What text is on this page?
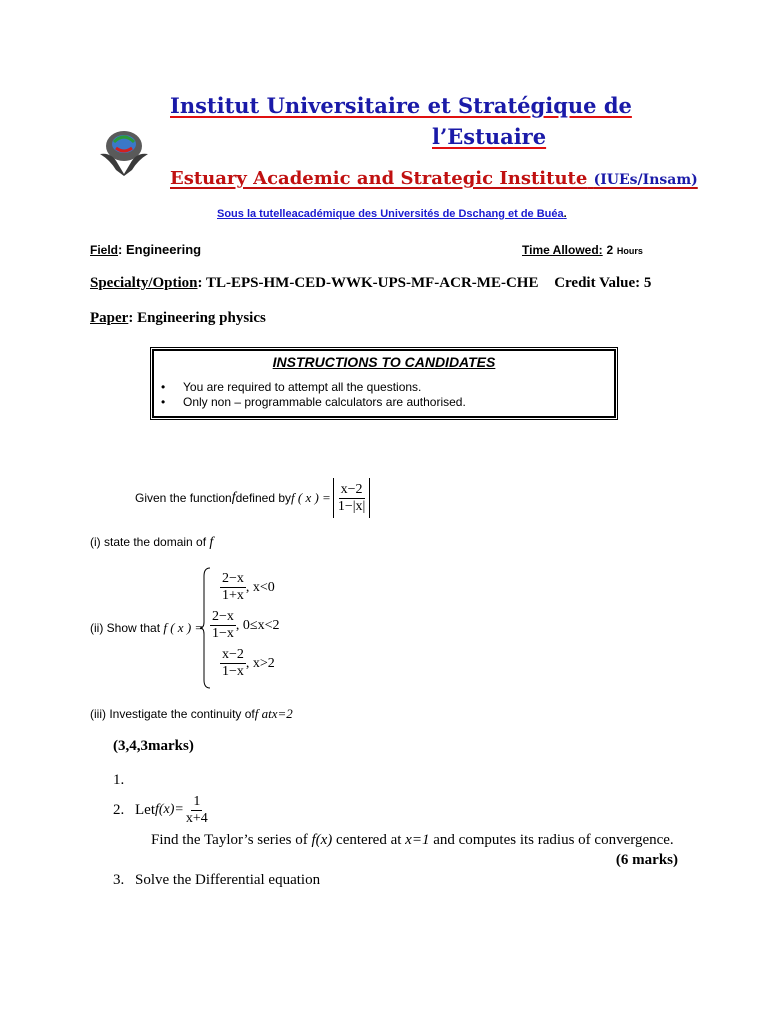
Institut Universitaire et Stratégique de
l’Estuaire
Estuary Academic and Strategic Institute (IUEs/Insam)
Sous la tutelleacadémique des Universités de Dschang et de Buéa.
Field: Engineering	Time Allowed: 2 Hours
Specialty/Option: TL-EPS-HM-CED-WWK-UPS-MF-ACR-ME-CHE Credit Value: 5
Paper: Engineering physics
INSTRUCTIONS TO CANDIDATES
• You are required to attempt all the questions.
• Only non – programmable calculators are authorised.
Given the function f defined by f ( x ) = $\frac{x-2}{1-|x|}$
(i) state the domain of f
(ii) Show that f ( x ) =
$\frac{2-x}{1+x}$ , x<0
$\frac{2-x}{1-x}$ , 0≤x<2
$\frac{x-2}{1-x}$ , x>2
(iii) Investigate the continuity off atx=2
(3,4,3marks)
1.
2. Let $f(x)= \frac{1}{x+4}$
Find the Taylor’s series of f(x) centered at x=1 and computes its radius of convergence.
(6 marks)
3. Solve the Differential equation
